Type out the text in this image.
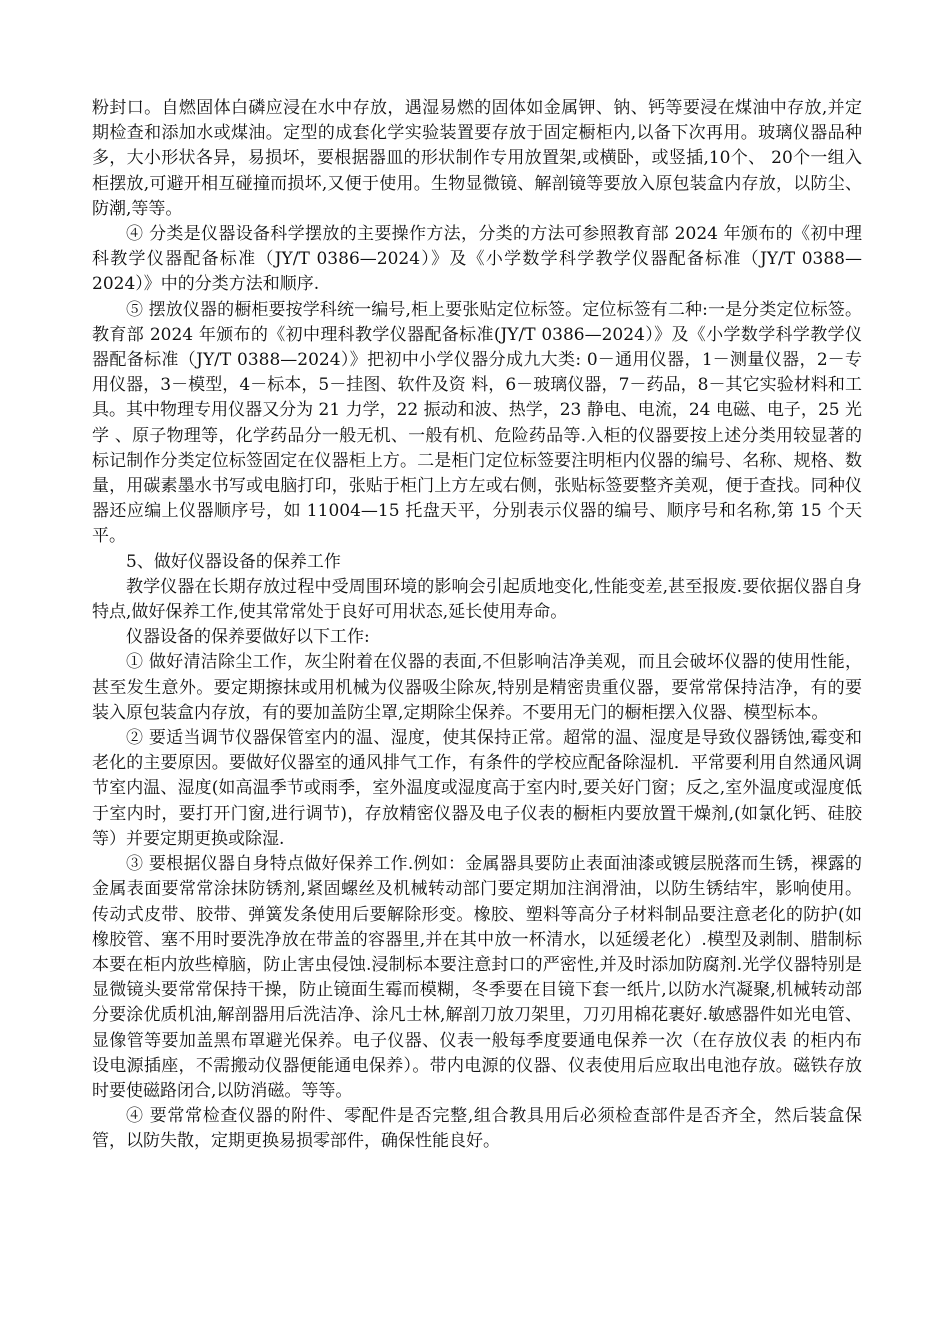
粉封口。自燃固体白磷应浸在水中存放，遇湿易燃的固体如金属钾、钠、钙等要浸在煤油中存放,并定期检查和添加水或煤油。定型的成套化学实验装置要存放于固定橱柜内,以备下次再用。玻璃仪器品种多，大小形状各异，易损坏，要根据器皿的形状制作专用放置架,或横卧，或竖插,10个、 20个一组入柜摆放,可避开相互碰撞而损坏,又便于使用。生物显微镜、解剖镜等要放入原包装盒内存放，以防尘、防潮,等等。

④ 分类是仪器设备科学摆放的主要操作方法，分类的方法可参照教育部 2024 年颁布的《初中理科教学仪器配备标准（JY/T 0386—2024）》及《小学数学科学教学仪器配备标准（JY/T 0388—2024）》中的分类方法和顺序.

⑤ 摆放仪器的橱柜要按学科统一编号,柜上要张贴定位标签。定位标签有二种:一是分类定位标签。教育部 2024 年颁布的《初中理科教学仪器配备标准(JY/T 0386—2024）》及《小学数学科学教学仪器配备标准（JY/T 0388—2024）》把初中小学仪器分成九大类: 0－通用仪器，1－测量仪器，2－专用仪器，3－模型，4－标本，5－挂图、软件及资 料，6－玻璃仪器，7－药品，8－其它实验材料和工具。其中物理专用仪器又分为 21 力学，22 振动和波、热学，23 静电、电流，24 电磁、电子，25 光学 、原子物理等，化学药品分一般无机、一般有机、危险药品等.入柜的仪器要按上述分类用较显著的标记制作分类定位标签固定在仪器柜上方。二是柜门定位标签要注明柜内仪器的编号、名称、规格、数量，用碳素墨水书写或电脑打印，张贴于柜门上方左或右侧，张贴标签要整齐美观，便于查找。同种仪器还应编上仪器顺序号，如 11004—15 托盘天平，分别表示仪器的编号、顺序号和名称,第 15 个天平。

5、做好仪器设备的保养工作

教学仪器在长期存放过程中受周围环境的影响会引起质地变化,性能变差,甚至报废.要依据仪器自身特点,做好保养工作,使其常常处于良好可用状态,延长使用寿命。

仪器设备的保养要做好以下工作:

① 做好清洁除尘工作，灰尘附着在仪器的表面,不但影响洁净美观，而且会破坏仪器的使用性能，甚至发生意外。要定期擦抹或用机械为仪器吸尘除灰,特别是精密贵重仪器，要常常保持洁净，有的要装入原包装盒内存放，有的要加盖防尘罩,定期除尘保养。不要用无门的橱柜摆入仪器、模型标本。

② 要适当调节仪器保管室内的温、湿度，使其保持正常。超常的温、湿度是导致仪器锈蚀,霉变和老化的主要原因。要做好仪器室的通风排气工作，有条件的学校应配备除湿机．平常要利用自然通风调节室内温、湿度(如高温季节或雨季，室外温度或湿度高于室内时,要关好门窗；反之,室外温度或湿度低于室内时，要打开门窗,进行调节)，存放精密仪器及电子仪表的橱柜内要放置干燥剂,(如氯化钙、硅胶等）并要定期更换或除湿.

③ 要根据仪器自身特点做好保养工作.例如：金属器具要防止表面油漆或镀层脱落而生锈，裸露的金属表面要常常涂抹防锈剂,紧固螺丝及机械转动部门要定期加注润滑油，以防生锈结牢，影响使用。传动式皮带、胶带、弹簧发条使用后要解除形变。橡胶、塑料等高分子材料制品要注意老化的防护(如橡胶管、塞不用时要洗净放在带盖的容器里,并在其中放一杯清水，以延缓老化）.模型及剥制、腊制标本要在柜内放些樟脑，防止害虫侵蚀.浸制标本要注意封口的严密性,并及时添加防腐剂.光学仪器特别是显微镜头要常常保持干操，防止镜面生霉而模糊，冬季要在目镜下套一纸片,以防水汽凝聚,机械转动部分要涂优质机油,解剖器用后洗洁净、涂凡士林,解剖刀放刀架里，刀刃用棉花裹好.敏感器件如光电管、显像管等要加盖黑布罩避光保养。电子仪器、仪表一般每季度要通电保养一次（在存放仪表 的柜内布设电源插座，不需搬动仪器便能通电保养）。带内电源的仪器、仪表使用后应取出电池存放。磁铁存放时要使磁路闭合,以防消磁。等等。

④ 要常常检查仪器的附件、零配件是否完整,组合教具用后必须检查部件是否齐全，然后装盒保管，以防失散，定期更换易损零部件，确保性能良好。
